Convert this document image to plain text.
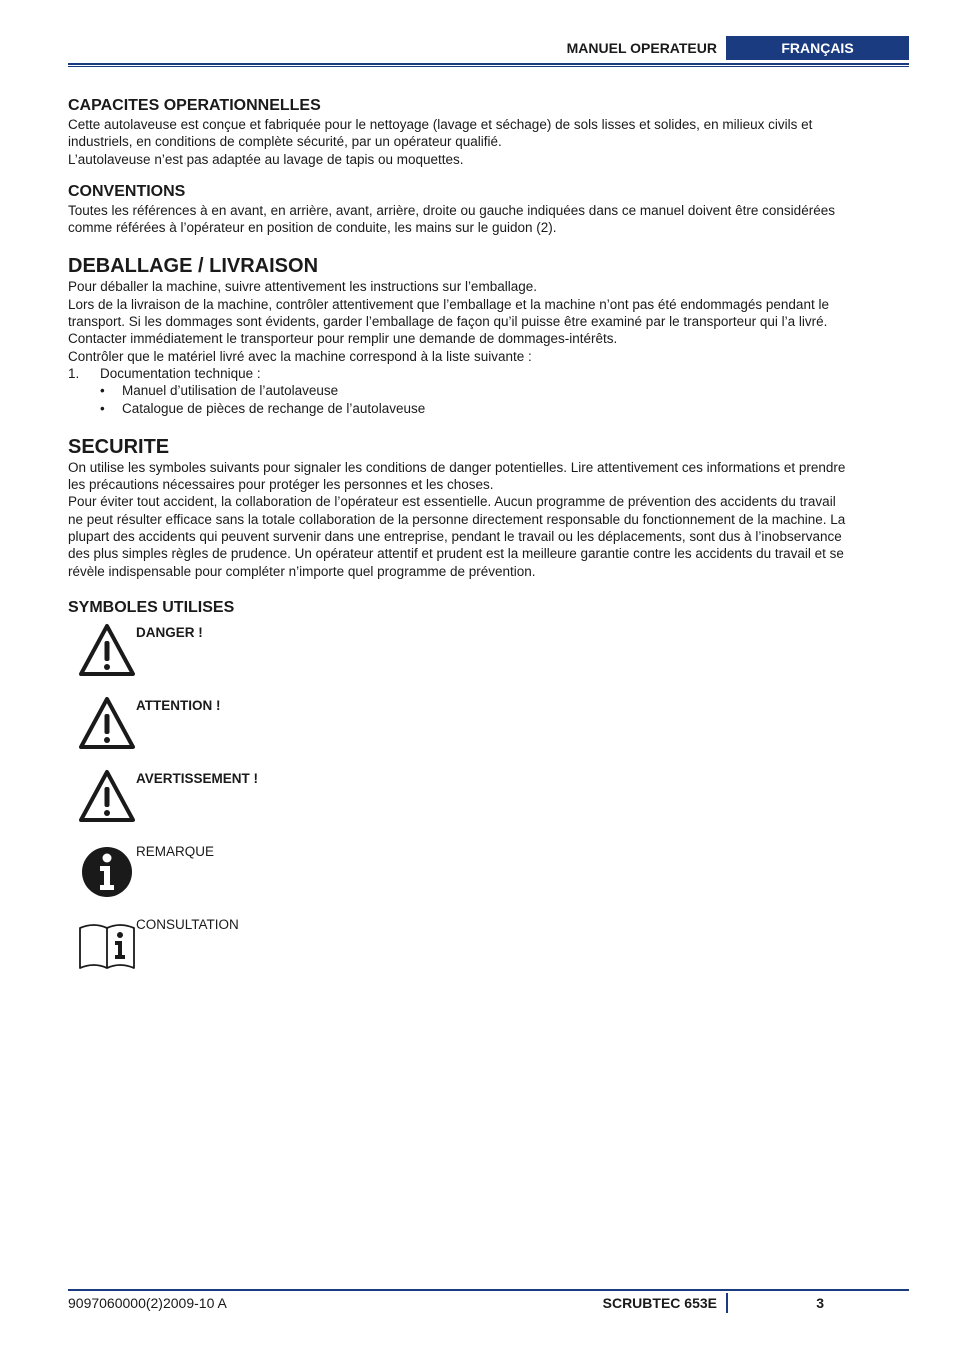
MANUEL OPERATEUR	FRANÇAIS
CAPACITES OPERATIONNELLES

Cette autolaveuse est conçue et fabriquée pour le nettoyage (lavage et séchage) de sols lisses et solides, en milieux civils et

industriels, en conditions de complète sécurité, par un opérateur qualifié.

L’autolaveuse n’est pas adaptée au lavage de tapis ou moquettes.

CONVENTIONS

Toutes les références à en avant, en arrière, avant, arrière, droite ou gauche indiquées dans ce manuel doivent être considérées

comme référées à l’opérateur en position de conduite, les mains sur le guidon (2).

DEBALLAGE / LIVRAISON

Pour déballer la machine, suivre attentivement les instructions sur l’emballage.

Lors de la livraison de la machine, contrôler attentivement que l’emballage et la machine n’ont pas été endommagés pendant le

transport. Si les dommages sont évidents, garder l’emballage de façon qu’il puisse être examiné par le transporteur qui l’a livré.

Contacter immédiatement le transporteur pour remplir une demande de dommages-intérêts.

Contrôler que le matériel livré avec la machine correspond à la liste suivante :

1.	Documentation technique :
•	Manuel d’utilisation de l’autolaveuse
•	Catalogue de pièces de rechange de l’autolaveuse
SECURITE

On utilise les symboles suivants pour signaler les conditions de danger potentielles. Lire attentivement ces informations et prendre

les précautions nécessaires pour protéger les personnes et les choses.

Pour éviter tout accident, la collaboration de l’opérateur est essentielle. Aucun programme de prévention des accidents du travail

ne peut résulter efficace sans la totale collaboration de la personne directement responsable du fonctionnement de la machine. La

plupart des accidents qui peuvent survenir dans une entreprise, pendant le travail ou les déplacements, sont dus à l’inobservance

des plus simples règles de prudence. Un opérateur attentif et prudent est la meilleure garantie contre les accidents du travail et se

révèle indispensable pour compléter n’importe quel programme de prévention.

SYMBOLES UTILISES
DANGER !
ATTENTION !
AVERTISSEMENT !
REMARQUE
CONSULTATION
9097060000(2)2009-10 A	SCRUBTEC 653E	3
